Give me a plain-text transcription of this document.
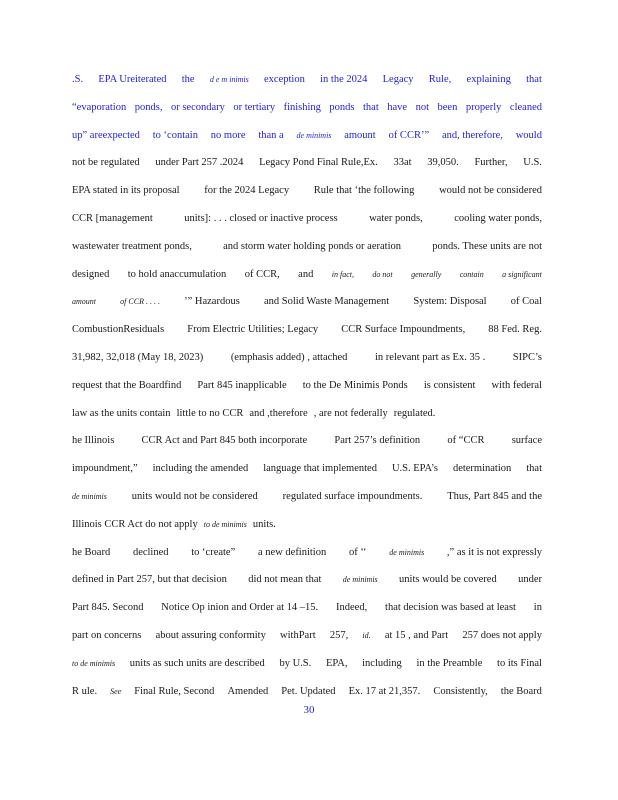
.S. EPA Ureiterated the d e m inimis exception in the 2024 Legacy Rule, explaining that
“evaporation ponds, or secondary or tertiary finishing ponds that have not been properly cleaned
up” areexpected to ‘contain no more than a de minimis amount of CCR’” and, therefore, would
not be regulated under Part 257 .2024 Legacy Pond Final Rule,Ex. 33at 39,050. Further, U.S.
EPA stated in its proposal for the 2024 Legacy Rule that ‘the following would not be considered
CCR [management	units]: . . . closed or inactive process	water ponds,	cooling water ponds,
wastewater treatment ponds,	and storm water holding ponds or aeration	ponds. These units are not
designed to hold anaccumulation of CCR, and in fact, do not generally contain a significant
amount	of CCR . . . . ’” Hazardous and Solid Waste Management System: Disposal of Coal
CombustionResiduals From Electric Utilities; Legacy CCR Surface Impoundments, 88 Fed. Reg.
31,982, 32,018 (May 18, 2023)	(emphasis added) , attached	in relevant part as Ex. 35 .	SIPC’s
request that the Boardfind Part 845 inapplicable to the De Minimis Ponds is consistent with federal
law as the units contain little to no CCR and ,therefore , are not federally regulated.
he Illinois	CCR Act and Part 845 both incorporate	Part 257’s definition	of “CCR	surface
impoundment,” including the amended language that implemented U.S. EPA’s determination that
de minimis units would not be considered regulated surface impoundments. Thus, Part 845 and the
Illinois CCR Act do not apply to de minimis units.
he Board declined to ‘create” a new definition of ‘‘	de minimis ,” as it is not expressly
defined in Part 257, but that decision did not mean that	de minimis units would be covered under
Part 845. Second Notice Op inion and Order at 14 –15. Indeed, that decision was based at least in
part on concerns about assuring conformity withPart 257, id. at 15 , and Part 257 does not apply
to de minimis units as such units are described by U.S. EPA, including in the Preamble to its Final
R ule. See Final Rule, Second Amended Pet. Updated Ex. 17 at 21,357. Consistently, the Board
30
